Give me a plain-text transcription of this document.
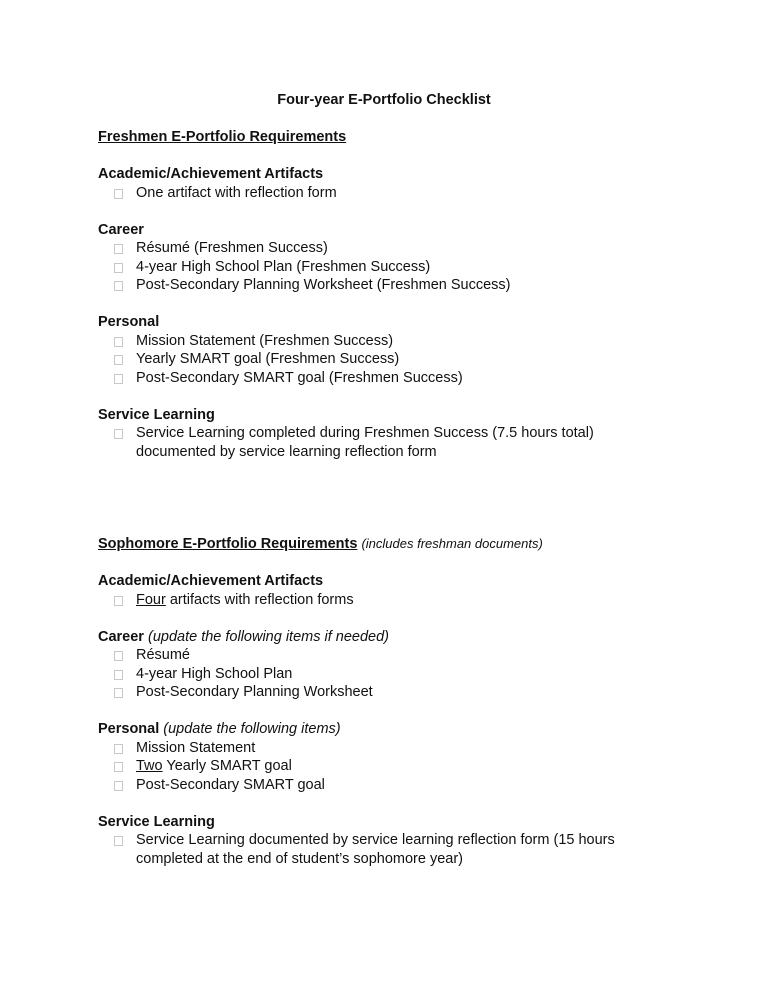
Four-year E-Portfolio Checklist
Freshmen E-Portfolio Requirements
Academic/Achievement Artifacts
One artifact with reflection form
Career
Résumé (Freshmen Success)
4-year High School Plan (Freshmen Success)
Post-Secondary Planning Worksheet (Freshmen Success)
Personal
Mission Statement (Freshmen Success)
Yearly SMART goal (Freshmen Success)
Post-Secondary SMART goal (Freshmen Success)
Service Learning
Service Learning completed during Freshmen Success (7.5 hours total)
documented by service learning reflection form
Sophomore E-Portfolio Requirements (includes freshman documents)
Academic/Achievement Artifacts
Four artifacts with reflection forms
Career (update the following items if needed)
Résumé
4-year High School Plan
Post-Secondary Planning Worksheet
Personal (update the following items)
Mission Statement
Two Yearly SMART goal
Post-Secondary SMART goal
Service Learning
Service Learning documented by service learning reflection form (15 hours
completed at the end of student’s sophomore year)
